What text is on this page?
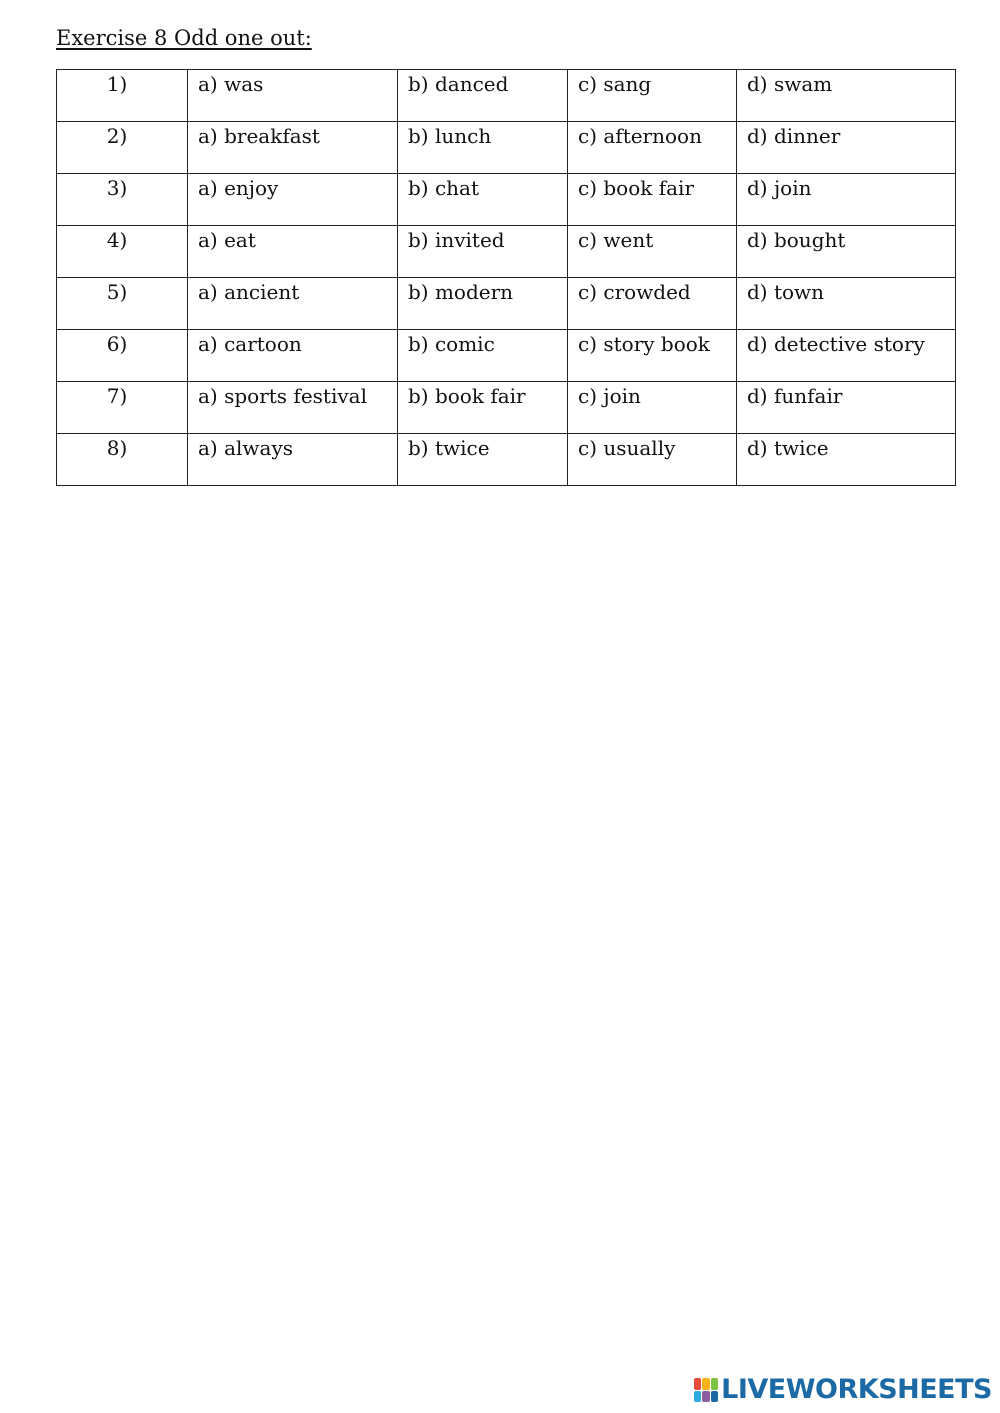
Exercise 8 Odd one out:
1)	a) was	b) danced	c) sang	d) swam

2)	a) breakfast	b) lunch	c) afternoon	d) dinner

3)	a) enjoy	b) chat	c) book fair	d) join

4)	a) eat	b) invited	c) went	d) bought

5)	a) ancient	b) modern	c) crowded	d) town

6)	a) cartoon	b) comic	c) story book	d) detective story

7)	a) sports festival	b) book fair	c) join	d) funfair

8)	a) always	b) twice	c) usually	d) twice
LIVEWORKSHEETS
